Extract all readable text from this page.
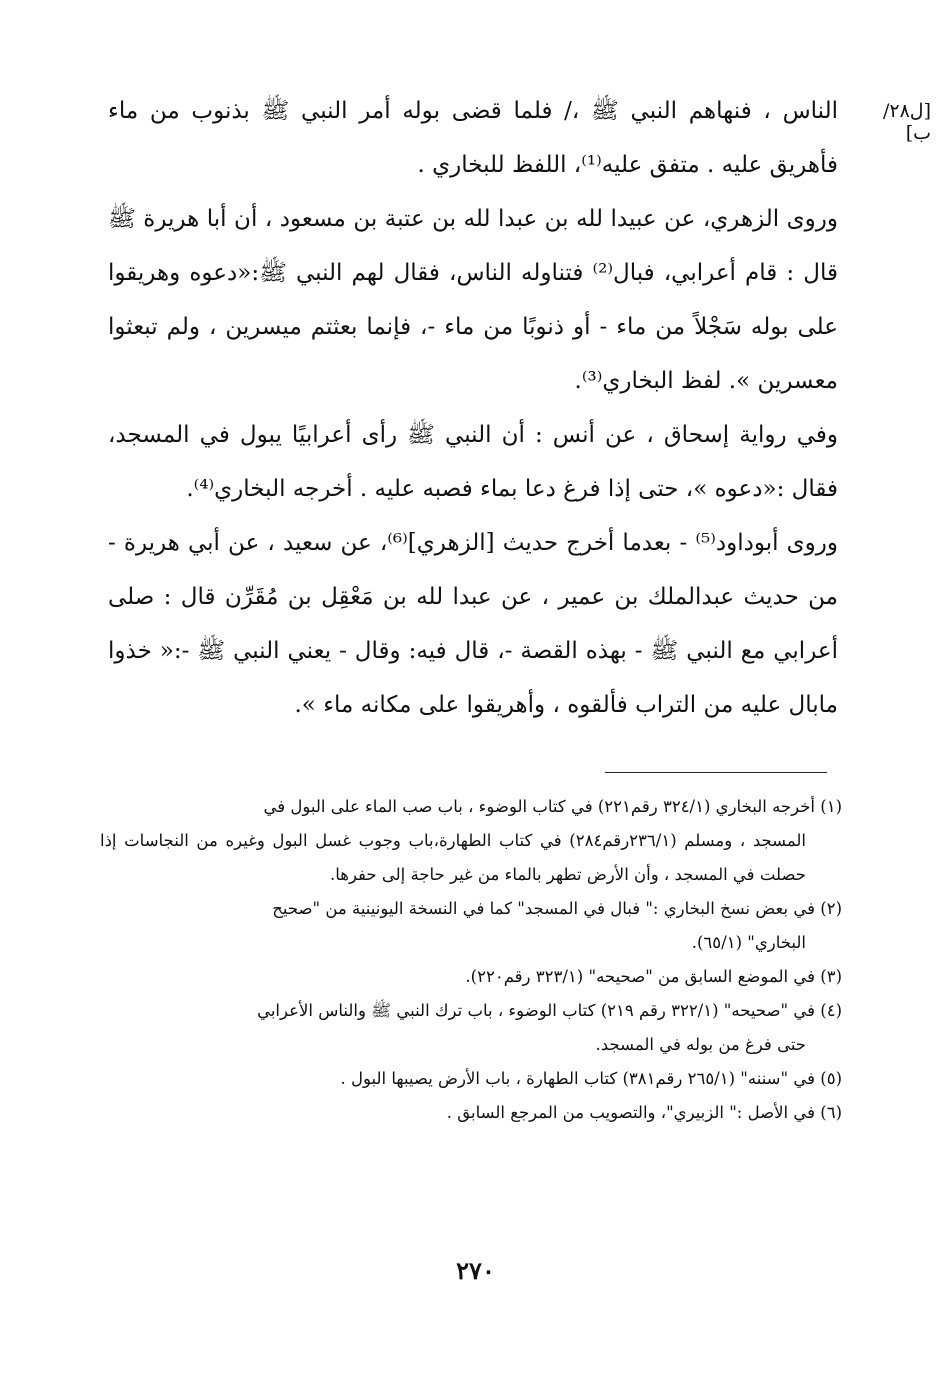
[ل٢٨/ب]

الناس ، فنهاهم النبي ﷺ ،/ فلما قضى بوله أمر النبي ﷺ بذنوب من ماء فأهريق عليه . متفق عليه⁽¹⁾، اللفظ للبخاري .

وروى الزهري، عن عبيدا لله بن عبدا لله بن عتبة بن مسعود ، أن أبا هريرة ﷺ قال : قام أعرابي، فبال⁽²⁾ فتناوله الناس، فقال لهم النبي ﷺ:«دعوه وهريقوا على بوله سَجْلاً من ماء - أو ذنوبًا من ماء -، فإنما بعثتم ميسرين ، ولم تبعثوا معسرين ». لفظ البخاري⁽³⁾.

وفي رواية إسحاق ، عن أنس : أن النبي ﷺ رأى أعرابيًا يبول في المسجد، فقال :«دعوه »، حتى إذا فرغ دعا بماء فصبه عليه . أخرجه البخاري⁽⁴⁾.

وروى أبوداود⁽⁵⁾ - بعدما أخرج حديث [الزهري]⁽⁶⁾، عن سعيد ، عن أبي هريرة - من حديث عبدالملك بن عمير ، عن عبدا لله بن مَعْقِل بن مُقَرِّن قال : صلى أعرابي مع النبي ﷺ - بهذه القصة -، قال فيه: وقال - يعني النبي ﷺ -:« خذوا مابال عليه من التراب فألقوه ، وأهريقوا على مكانه ماء ».

(١) أخرجه البخاري (٣٢٤/١ رقم٢٢١) في كتاب الوضوء ، باب صب الماء على البول في
المسجد ، ومسلم (٢٣٦/١رقم٢٨٤) في كتاب الطهارة،باب وجوب غسل البول وغيره من النجاسات إذا حصلت في المسجد ، وأن الأرض تطهر بالماء من غير حاجة إلى حفرها.

(٢) في بعض نسخ البخاري :" فبال في المسجد" كما في النسخة اليونينية من "صحيح
البخاري" (٦٥/١).

(٣) في الموضع السابق من "صحيحه" (٣٢٣/١ رقم٢٢٠).

(٤) في "صحيحه" (٣٢٢/١ رقم ٢١٩) كتاب الوضوء ، باب ترك النبي ﷺ والناس الأعرابي
حتى فرغ من بوله في المسجد.

(٥) في "سننه" (٢٦٥/١ رقم٣٨١) كتاب الطهارة ، باب الأرض يصيبها البول .

(٦) في الأصل :" الزبيري"، والتصويب من المرجع السابق .

٢٧٠
